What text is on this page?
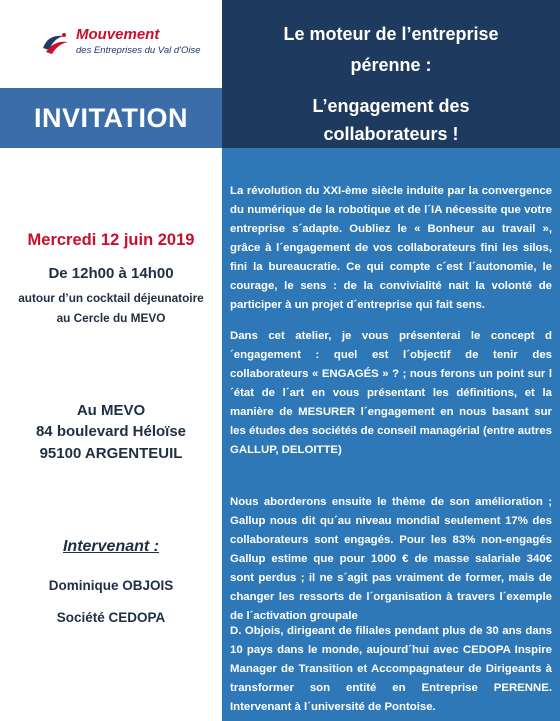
Mouvement
des Entreprises du Val d'Oise
INVITATION
Le moteur de l’entreprise
pérenne :
L’engagement des
collaborateurs !

La révolution du XXI-ème siècle induite par la convergence du numérique de la robotique et de l´IA nécessite que votre entreprise s´adapte. Oubliez le « Bonheur au travail », grâce à l´engagement de vos collaborateurs fini les silos, fini la bureaucratie. Ce qui compte c´est l´autonomie, le courage, le sens : de la convivialité nait la volonté de participer à un projet d´entreprise qui fait sens.

Dans cet atelier, je vous présenterai le concept d´engagement : quel est l´objectif de tenir des collaborateurs « ENGAGÉS » ? ; nous ferons un point sur l´état de l´art en vous présentant les définitions, et la manière de MESURER l´engagement en nous basant sur les études des sociétés de conseil managérial (entre autres GALLUP, DELOITTE)

Nous aborderons ensuite le thème de son amélioration ; Gallup nous dit qu´au niveau mondial seulement 17% des collaborateurs sont engagés. Pour les 83% non-engagés Gallup estime que pour 1000 € de masse salariale 340€ sont perdus ; il ne s´agit pas vraiment de former, mais de changer les ressorts de l´organisation à travers l´exemple de l´activation groupale

D. Objois, dirigeant de filiales pendant plus de 30 ans dans 10 pays dans le monde, aujourd´hui avec CEDOPA Inspire Manager de Transition et Accompagnateur de Dirigeants à transformer son entité en Entreprise PERENNE. Intervenant à l´université de Pontoise.

Mercredi 12 juin 2019
De 12h00 à 14h00
autour d’un cocktail déjeunatoire
au Cercle du MEVO
Au MEVO
84 boulevard Héloïse
95100 ARGENTEUIL
Intervenant :
Dominique OBJOIS
Société CEDOPA
